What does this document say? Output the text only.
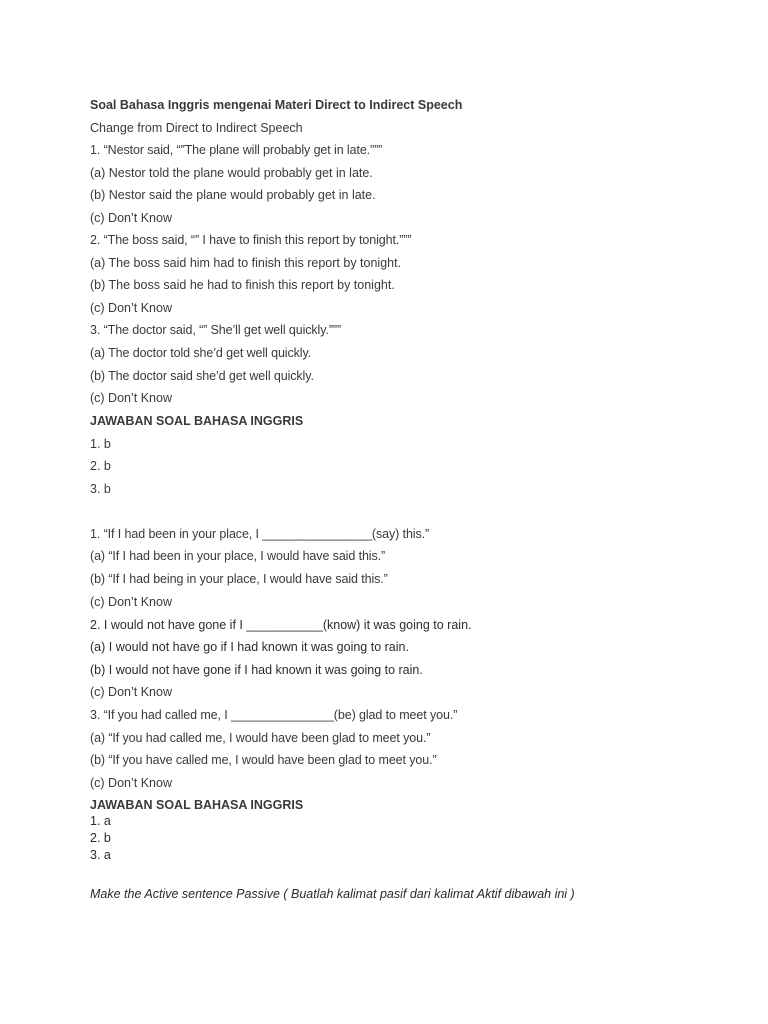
Soal Bahasa Inggris mengenai Materi Direct to Indirect Speech
Change from Direct to Indirect Speech
1. “Nestor said, “”The plane will probably get in late.”””
(a) Nestor told the plane would probably get in late.
(b) Nestor said the plane would probably get in late.
(c) Don’t Know
2. “The boss said, “” I have to finish this report by tonight.”””
(a) The boss said him had to finish this report by tonight.
(b) The boss said he had to finish this report by tonight.
(c) Don’t Know
3. “The doctor said, “” She’ll get well quickly.”””
(a) The doctor told she’d get well quickly.
(b) The doctor said she’d get well quickly.
(c) Don’t Know
JAWABAN SOAL BAHASA INGGRIS
1. b
2. b
3. b
1. “If I had been in your place, I ________________(say) this.”
(a) “If I had been in your place, I would have said this.”
(b) “If I had being in your place, I would have said this.”
(c) Don’t Know
2. I would not have gone if I ___________(know) it was going to rain.
(a) I would not have go if I had known it was going to rain.
(b) I would not have gone if I had known it was going to rain.
(c) Don’t Know
3. “If you had called me, I _______________(be) glad to meet you.”
(a) “If you had called me, I would have been glad to meet you.”
(b) “If you have called me, I would have been glad to meet you.”
(c) Don’t Know
JAWABAN SOAL BAHASA INGGRIS
1. a
2. b
3. a
Make the Active sentence Passive ( Buatlah kalimat pasif dari kalimat Aktif dibawah ini )
